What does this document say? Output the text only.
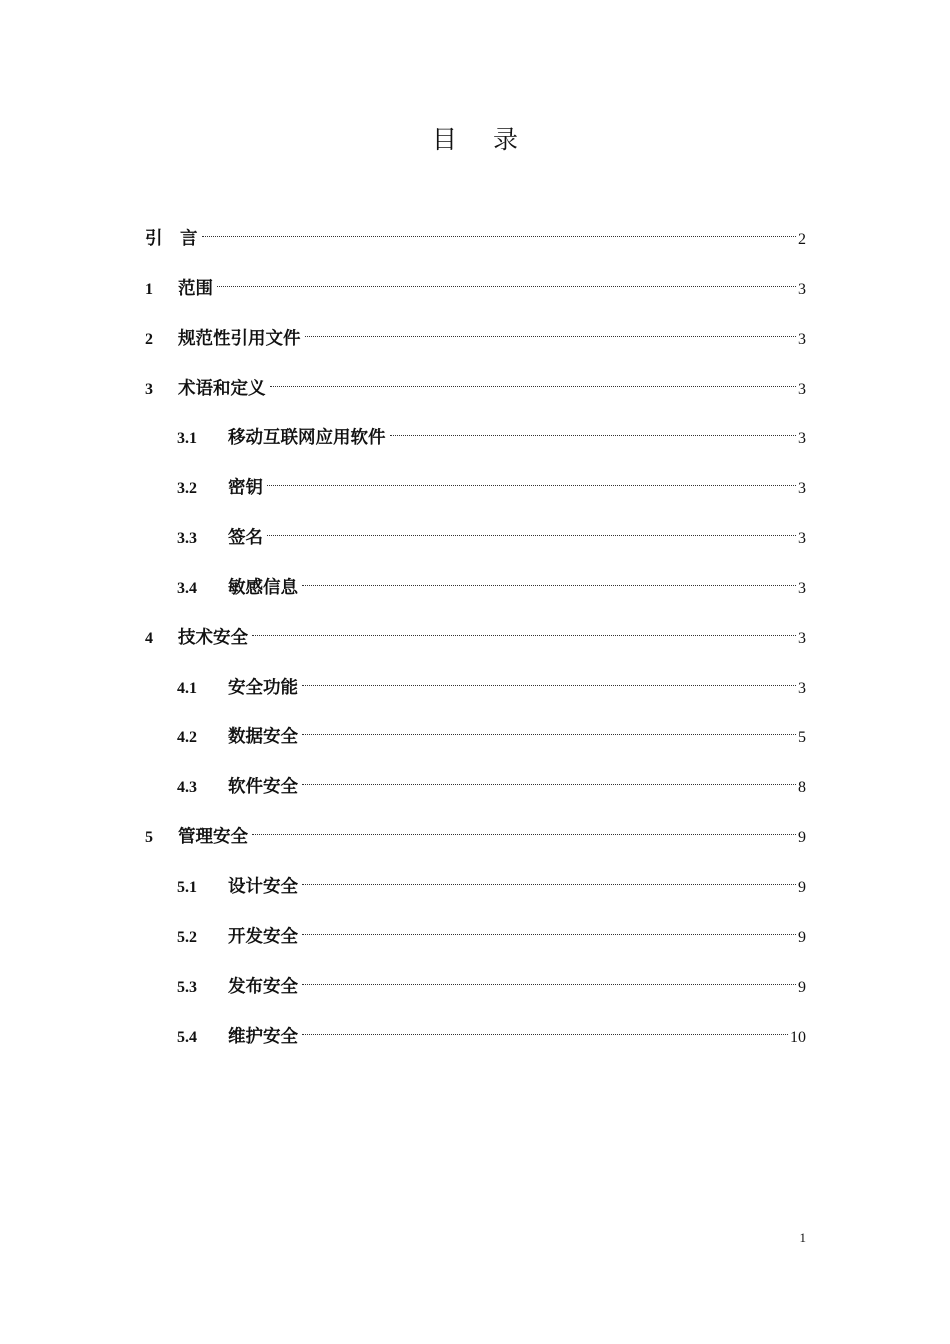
目 录
引　言	2
1	范围	3
2	规范性引用文件	3
3	术语和定义	3
3.1	移动互联网应用软件	3
3.2	密钥	3
3.3	签名	3
3.4	敏感信息	3
4	技术安全	3
4.1	安全功能	3
4.2	数据安全	5
4.3	软件安全	8
5	管理安全	9
5.1	设计安全	9
5.2	开发安全	9
5.3	发布安全	9
5.4	维护安全	10
1
